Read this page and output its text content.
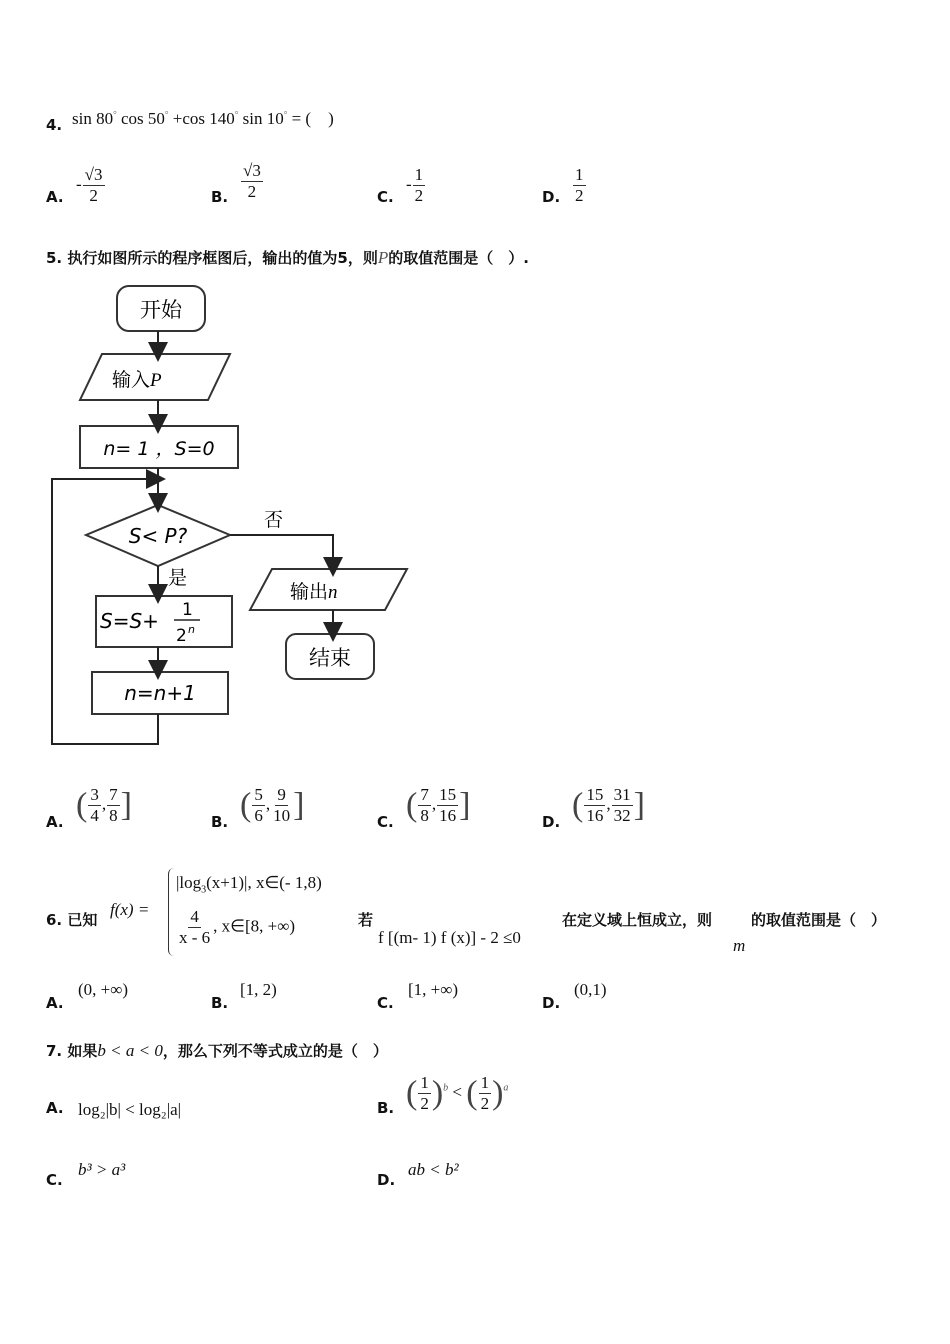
4. sin 80° cos 50° +cos 140° sin 10° = (　)
A.
- $\frac{√3}{2}$	B. $\frac{√3}{2}$	C.
- $\frac{1}{2}$	D. $\frac{1}{2}$
5. 执行如图所示的程序框图后，输出的值为5，则P的取值范围是（　）.
开始
输入P
n= 1 ，S=0
S< P?
否
是
S=S+ 1
2 n
n=n+1
输出n
结束
A. ( $\frac{3}{4}$ , $\frac{7}{8}$ ]	B. ( $\frac{5}{6}$ , $\frac{9}{10}$ ]	C. ( $\frac{7}{8}$ , $\frac{15}{16}$ ]	D. ( $\frac{15}{16}$ , $\frac{31}{32}$ ]
6. 已知
f(x) =
$|\log_3(x+1)|$, x∈(- 1,8)
$\frac{4}{x - 6}$ , x∈[8, +∞)	若
f [(m- 1) f (x)] - 2 ≤0
在定义域上恒成立，则
m
的取值范围是（　）
A.
(0, +∞)
B.
[1, 2)
C.
[1, +∞)
D.
(0,1)
7. 如果b < a < 0，那么下列不等式成立的是（　）
A. log₂|b| < log₂|a|	B. ( $\frac{1}{2} )^b$ < ( $\frac{1}{2} )^a$
C.
b³ > a³
D.
ab < b²
